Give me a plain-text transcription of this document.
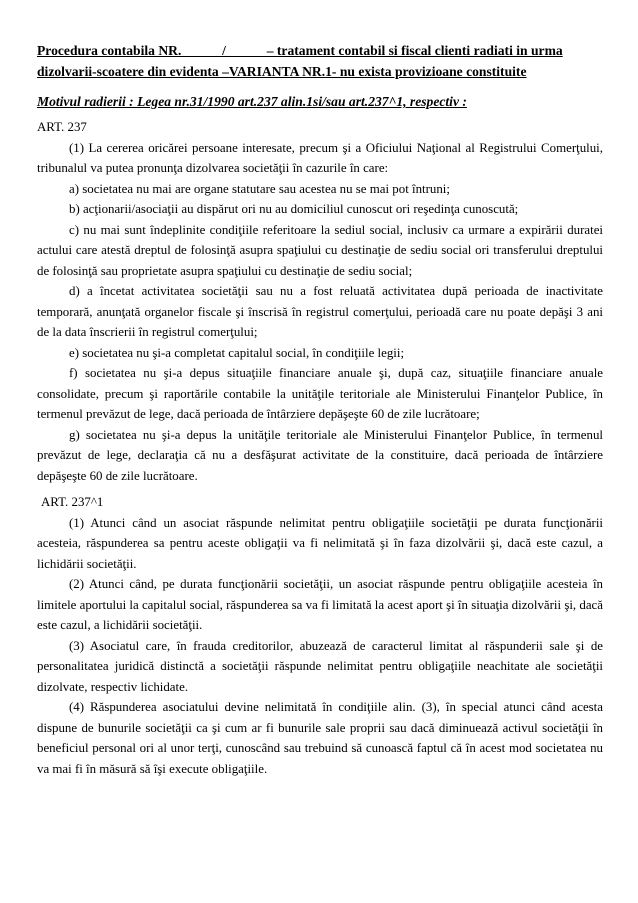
Procedura contabila NR.______/______– tratament contabil si fiscal clienti radiati in urma dizolvarii-scoatere din evidenta –VARIANTA NR.1- nu exista provizioane constituite

Motivul radierii : Legea nr.31/1990 art.237 alin.1si/sau art.237^1, respectiv :

ART. 237

(1) La cererea oricărei persoane interesate, precum şi a Oficiului Naţional al Registrului Comerţului, tribunalul va putea pronunţa dizolvarea societăţii în cazurile în care:

a) societatea nu mai are organe statutare sau acestea nu se mai pot întruni;

b) acţionarii/asociaţii au dispărut ori nu au domiciliul cunoscut ori reşedinţa cunoscută;

c) nu mai sunt îndeplinite condiţiile referitoare la sediul social, inclusiv ca urmare a expirării duratei actului care atestă dreptul de folosinţă asupra spaţiului cu destinaţie de sediu social ori transferului dreptului de folosinţă sau proprietate asupra spaţiului cu destinaţie de sediu social;

d) a încetat activitatea societăţii sau nu a fost reluată activitatea după perioada de inactivitate temporară, anunţată organelor fiscale şi înscrisă în registrul comerţului, perioadă care nu poate depăşi 3 ani de la data înscrierii în registrul comerţului;

e) societatea nu şi-a completat capitalul social, în condiţiile legii;

f) societatea nu şi-a depus situaţiile financiare anuale şi, după caz, situaţiile financiare anuale consolidate, precum şi raportările contabile la unităţile teritoriale ale Ministerului Finanţelor Publice, în termenul prevăzut de lege, dacă perioada de întârziere depăşeşte 60 de zile lucrătoare;

g) societatea nu şi-a depus la unităţile teritoriale ale Ministerului Finanţelor Publice, în termenul prevăzut de lege, declaraţia că nu a desfăşurat activitate de la constituire, dacă perioada de întârziere depăşeşte 60 de zile lucrătoare.

ART. 237^1

(1) Atunci când un asociat răspunde nelimitat pentru obligaţiile societăţii pe durata funcţionării acesteia, răspunderea sa pentru aceste obligaţii va fi nelimitată şi în faza dizolvării şi, dacă este cazul, a lichidării societăţii.

(2) Atunci când, pe durata funcţionării societăţii, un asociat răspunde pentru obligaţiile acesteia în limitele aportului la capitalul social, răspunderea sa va fi limitată la acest aport şi în situaţia dizolvării şi, dacă este cazul, a lichidării societăţii.

(3) Asociatul care, în frauda creditorilor, abuzează de caracterul limitat al răspunderii sale şi de personalitatea juridică distinctă a societăţii răspunde nelimitat pentru obligaţiile neachitate ale societăţii dizolvate, respectiv lichidate.

(4) Răspunderea asociatului devine nelimitată în condiţiile alin. (3), în special atunci când acesta dispune de bunurile societăţii ca şi cum ar fi bunurile sale proprii sau dacă diminuează activul societăţii în beneficiul personal ori al unor terţi, cunoscând sau trebuind să cunoască faptul că în acest mod societatea nu va mai fi în măsură să îşi execute obligaţiile.
